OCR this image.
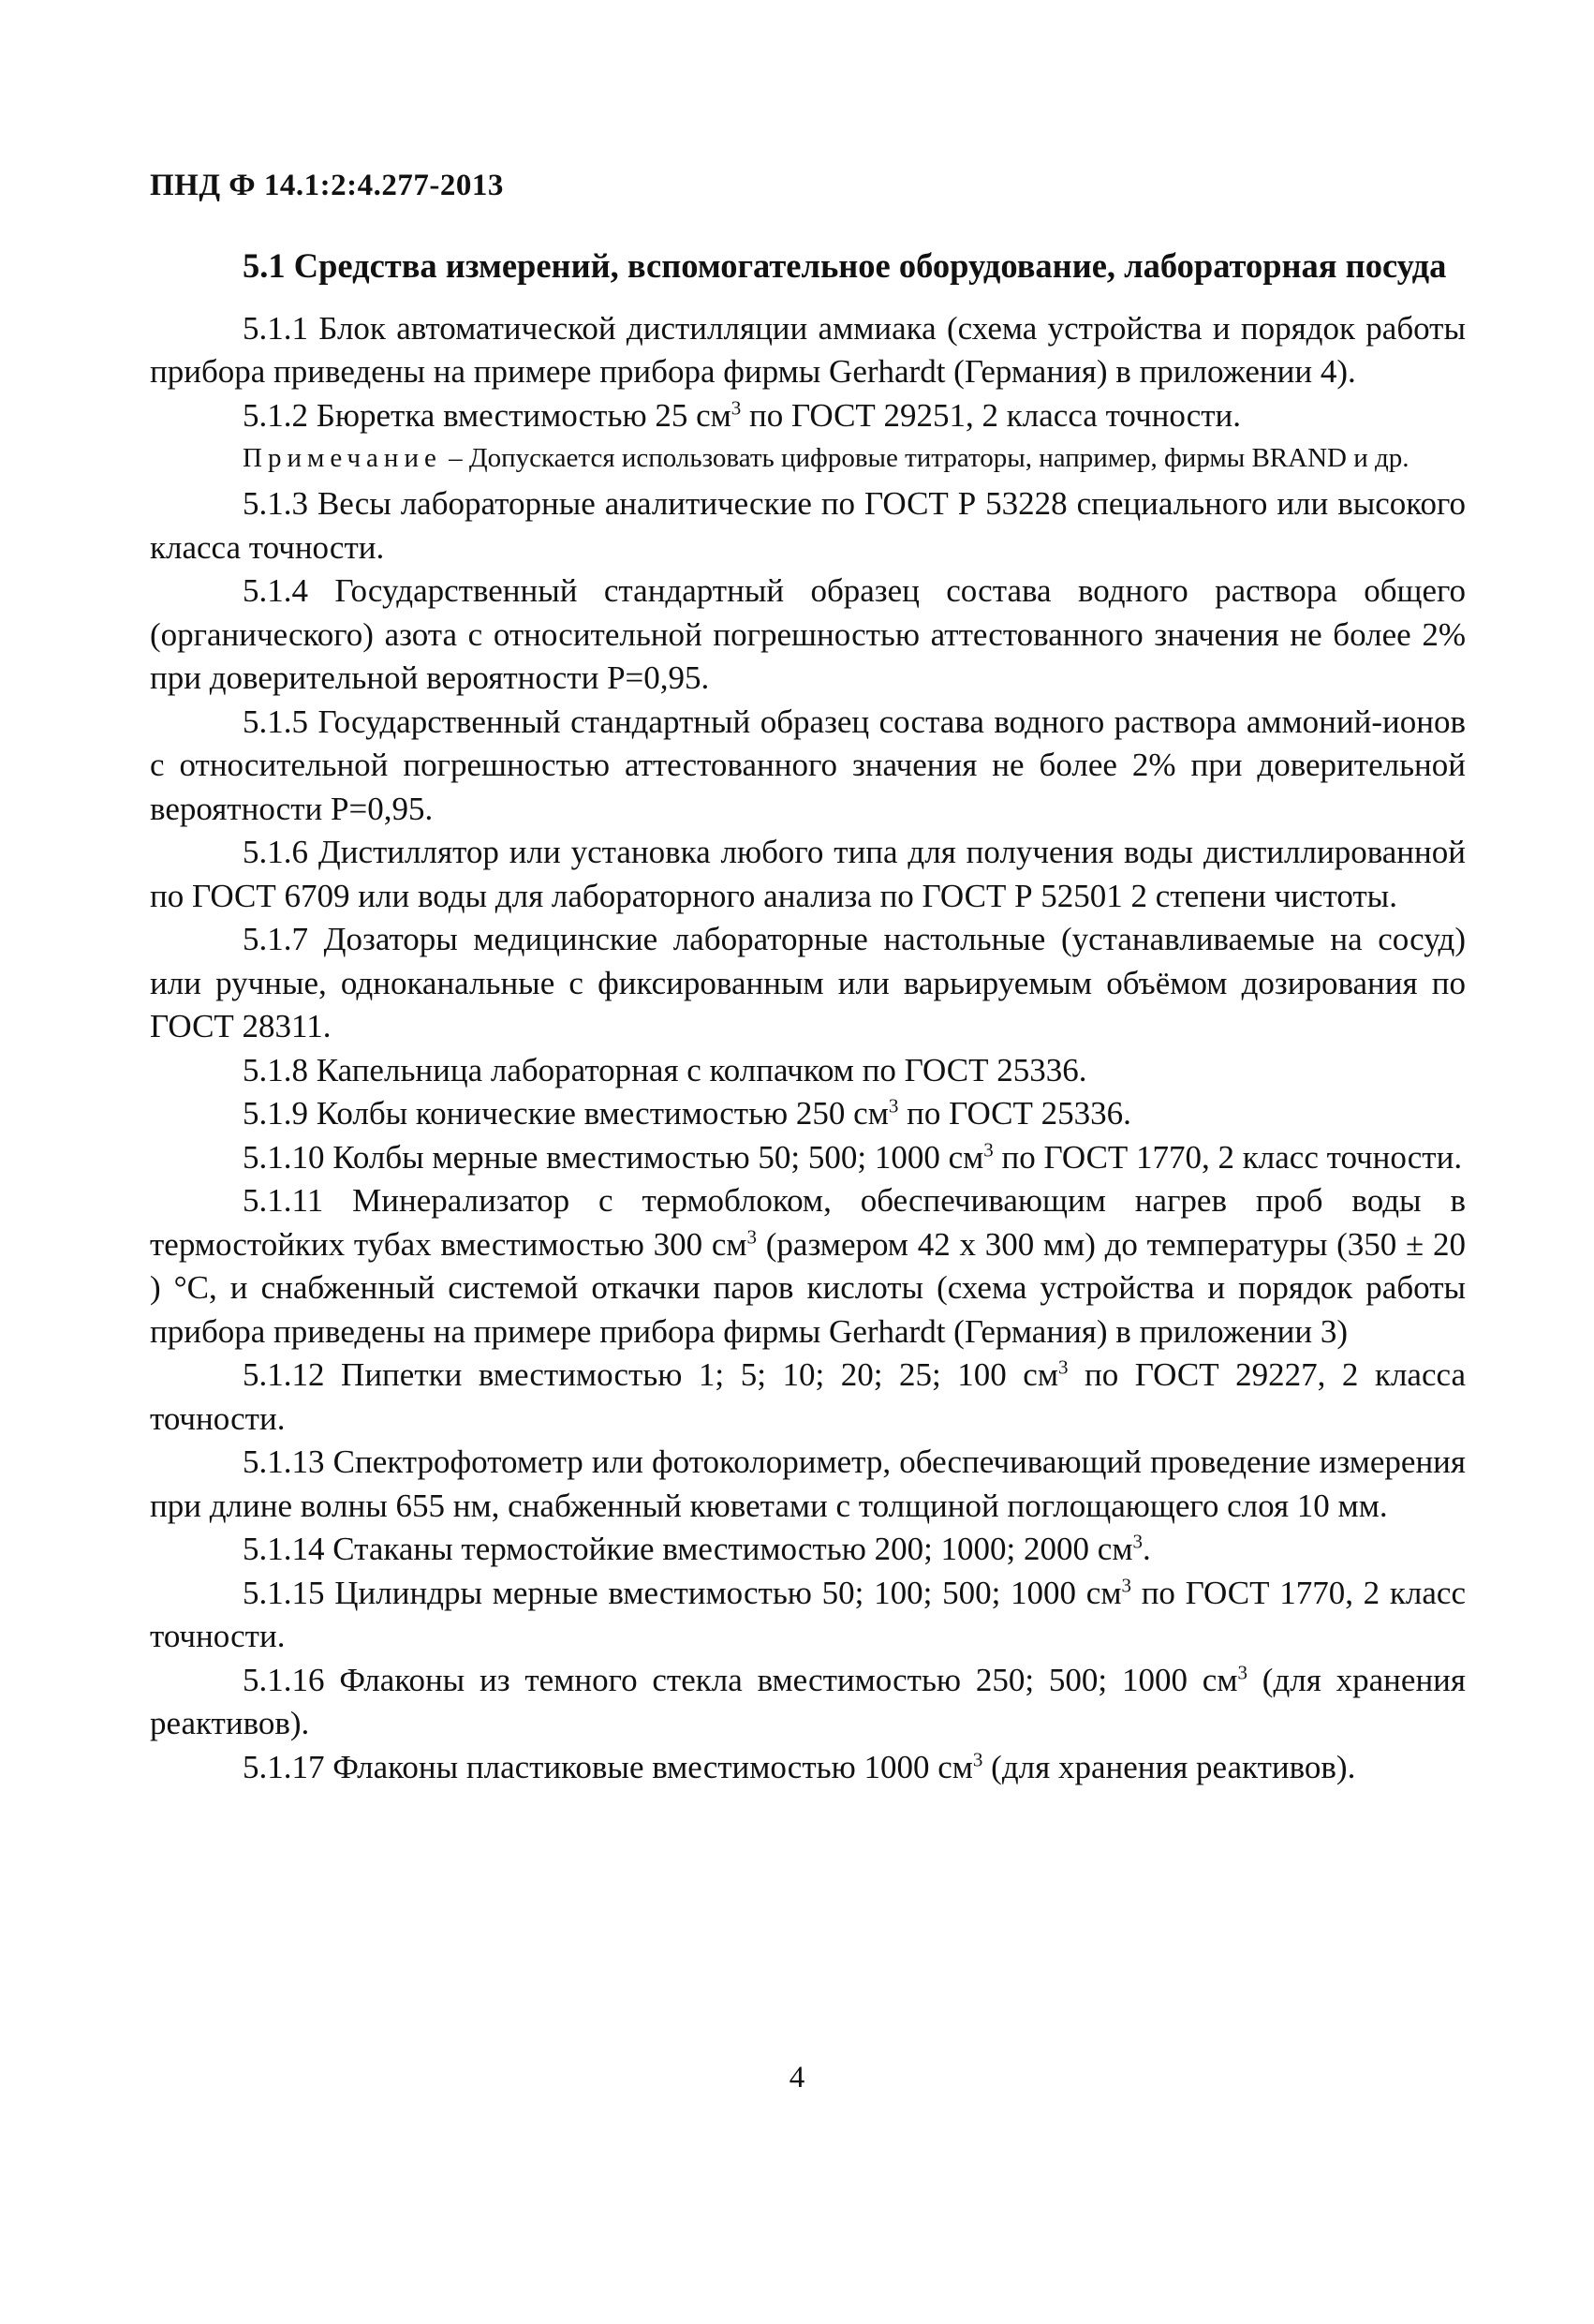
ПНД Ф 14.1:2:4.277-2013
5.1 Средства измерений, вспомогательное оборудование, лабораторная посуда

5.1.1 Блок автоматической дистилляции аммиака (схема устройства и порядок работы прибора приведены на примере прибора фирмы Gerhardt (Германия) в приложении 4).

5.1.2 Бюретка вместимостью 25 $см^3$ по ГОСТ 29251, 2 класса точности.

Примечание – Допускается использовать цифровые титраторы, например, фирмы BRAND и др.

5.1.3 Весы лабораторные аналитические по ГОСТ Р 53228 специального или высокого класса точности.

5.1.4 Государственный стандартный образец состава водного раствора общего (органического) азота с относительной погрешностью аттестованного значения не более 2% при доверительной вероятности Р=0,95.

5.1.5 Государственный стандартный образец состава водного раствора аммоний-ионов с относительной погрешностью аттестованного значения не более 2% при доверительной вероятности Р=0,95.

5.1.6 Дистиллятор или установка любого типа для получения воды дистиллированной по ГОСТ 6709 или воды для лабораторного анализа по ГОСТ Р 52501 2 степени чистоты.

5.1.7 Дозаторы медицинские лабораторные настольные (устанавливаемые на сосуд) или ручные, одноканальные с фиксированным или варьируемым объёмом дозирования по ГОСТ 28311.

5.1.8 Капельница лабораторная с колпачком по ГОСТ 25336.

5.1.9 Колбы конические вместимостью 250 $см^3$ по ГОСТ 25336.

5.1.10 Колбы мерные вместимостью 50; 500; 1000 $см^3$ по ГОСТ 1770, 2 класс точности.

5.1.11 Минерализатор с термоблоком, обеспечивающим нагрев проб воды в термостойких тубах вместимостью 300 $см^3$ (размером 42 х 300 мм) до температуры (350 ± 20 ) °С, и снабженный системой откачки паров кислоты (схема устройства и порядок работы прибора приведены на примере прибора фирмы Gerhardt (Германия) в приложении 3)

5.1.12 Пипетки вместимостью 1; 5; 10; 20; 25; 100 $см^3$ по ГОСТ 29227, 2 класса точности.

5.1.13 Спектрофотометр или фотоколориметр, обеспечивающий проведение измерения при длине волны 655 нм, снабженный кюветами с толщиной поглощающего слоя 10 мм.

5.1.14 Стаканы термостойкие вместимостью 200; 1000; 2000 $см^3$.

5.1.15 Цилиндры мерные вместимостью 50; 100; 500; 1000 $см^3$ по ГОСТ 1770, 2 класс точности.

5.1.16 Флаконы из темного стекла вместимостью 250; 500; 1000 $см^3$ (для хранения реактивов).

5.1.17 Флаконы пластиковые вместимостью 1000 $см^3$ (для хранения реактивов).

4
